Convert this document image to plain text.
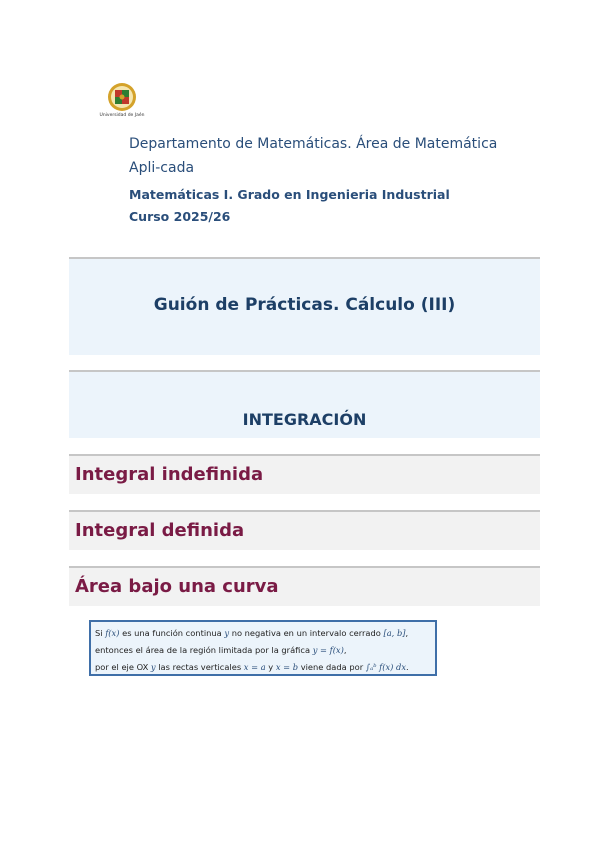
Universidad de Jaén
Departamento de Matemáticas. Área de Matemática Apli-cada
Matemáticas I. Grado en Ingenieria Industrial
Curso 2025/26
Guión de Prácticas. Cálculo (III)
INTEGRACIÓN
Integral indefinida
Integral definida
Área bajo una curva
Si f(x) es una función continua y no negativa en un intervalo cerrado [a, b],
entonces el área de la región limitada por la gráfica y = f(x),
por el eje OX y las rectas verticales x = a y x = b viene dada por ∫ₐᵇ f(x) dx.
